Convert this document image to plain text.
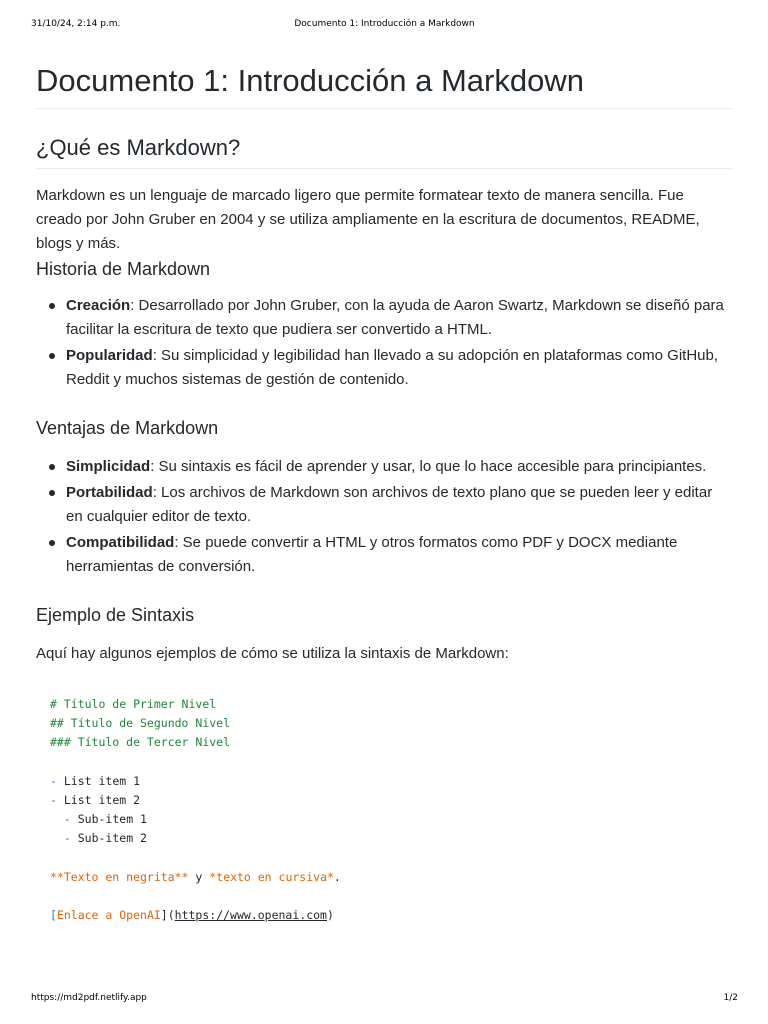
31/10/24, 2:14 p.m.	Documento 1: Introducción a Markdown
Documento 1: Introducción a Markdown
¿Qué es Markdown?

Markdown es un lenguaje de marcado ligero que permite formatear texto de manera sencilla. Fue creado por John Gruber en 2004 y se utiliza ampliamente en la escritura de documentos, README, blogs y más.

Historia de Markdown
Creación: Desarrollado por John Gruber, con la ayuda de Aaron Swartz, Markdown se diseñó para facilitar la escritura de texto que pudiera ser convertido a HTML.
Popularidad: Su simplicidad y legibilidad han llevado a su adopción en plataformas como GitHub, Reddit y muchos sistemas de gestión de contenido.
Ventajas de Markdown
Simplicidad: Su sintaxis es fácil de aprender y usar, lo que lo hace accesible para principiantes.
Portabilidad: Los archivos de Markdown son archivos de texto plano que se pueden leer y editar en cualquier editor de texto.
Compatibilidad: Se puede convertir a HTML y otros formatos como PDF y DOCX mediante herramientas de conversión.
Ejemplo de Sintaxis

Aquí hay algunos ejemplos de cómo se utiliza la sintaxis de Markdown:

# Título de Primer Nivel
## Título de Segundo Nivel
### Título de Tercer Nivel

- List item 1
- List item 2
- Sub-item 1
- Sub-item 2

**Texto en negrita** y *texto en cursiva*.

[Enlace a OpenAI](https://www.openai.com)
https://md2pdf.netlify.app	1/2
